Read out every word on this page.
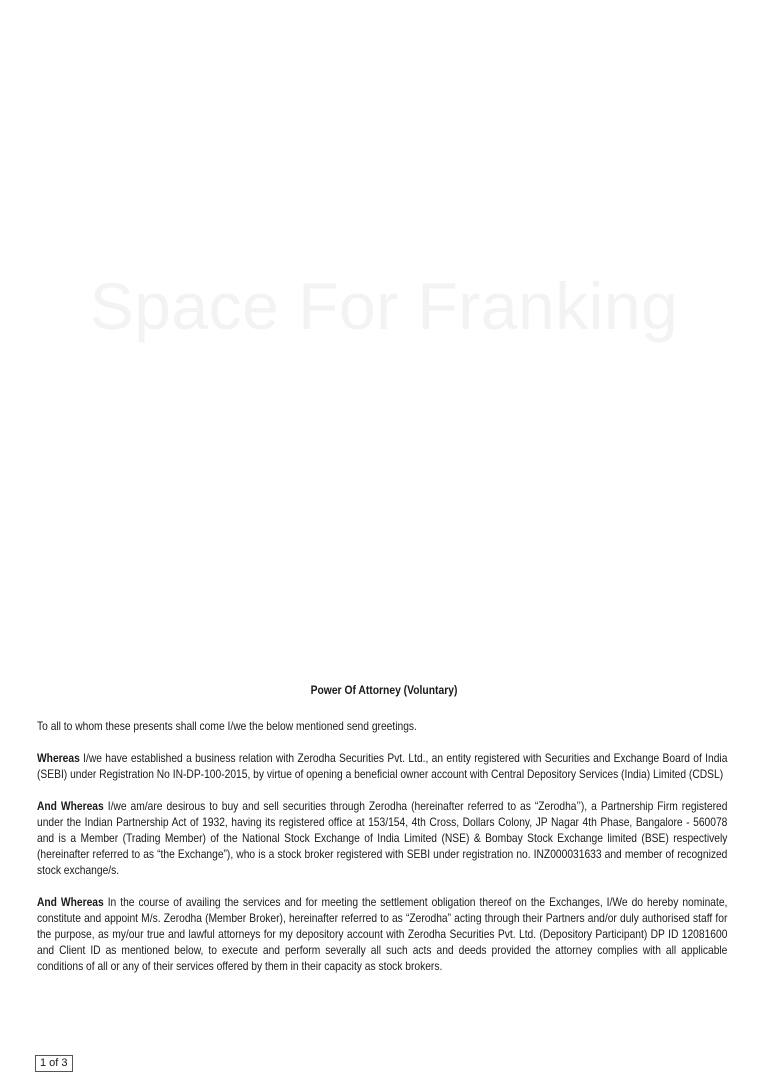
Space For Franking
Power Of Attorney (Voluntary)

To all to whom these presents shall come I/we the below mentioned send greetings.

Whereas I/we have established a business relation with Zerodha Securities Pvt. Ltd., an entity registered with Securities and Exchange Board of India (SEBI) under Registration No IN-DP-100-2015, by virtue of opening a beneficial owner account with Central Depository Services (India) Limited (CDSL)

And Whereas I/we am/are desirous to buy and sell securities through Zerodha (hereinafter referred to as “Zerodha’’), a Partnership Firm registered under the Indian Partnership Act of 1932, having its registered office at 153/154, 4th Cross, Dollars Colony, JP Nagar 4th Phase, Bangalore - 560078 and is a Member (Trading Member) of the National Stock Exchange of India Limited (NSE) & Bombay Stock Exchange limited (BSE) respectively (hereinafter referred to as “the Exchange”), who is a stock broker registered with SEBI under registration no. INZ000031633 and member of recognized stock exchange/s.

And Whereas In the course of availing the services and for meeting the settlement obligation thereof on the Exchanges, I/We do hereby nominate, constitute and appoint M/s. Zerodha (Member Broker), hereinafter referred to as “Zerodha” acting through their Partners and/or duly authorised staff for the purpose, as my/our true and lawful attorneys for my depository account with Zerodha Securities Pvt. Ltd. (Depository Participant) DP ID 12081600 and Client ID as mentioned below, to execute and perform severally all such acts and deeds provided the attorney complies with all applicable conditions of all or any of their services offered by them in their capacity as stock brokers.

1 of 3
